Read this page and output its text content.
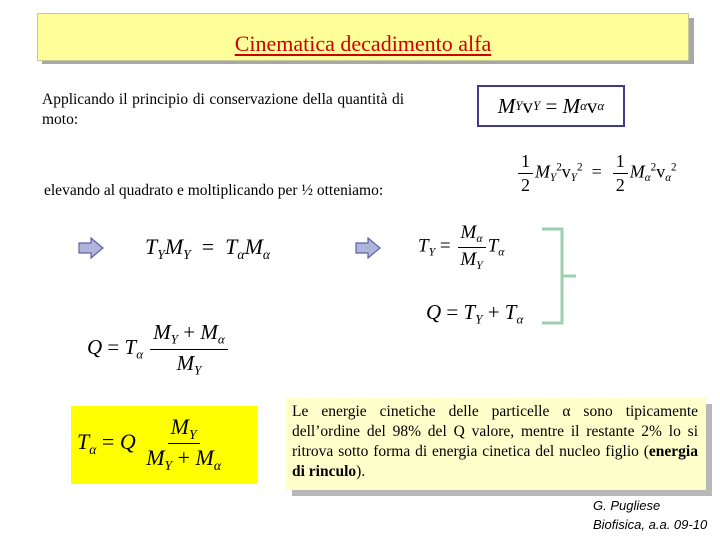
Cinematica decadimento alfa
Applicando il principio di conservazione della quantità di moto:
M Y v Y = M α v α
elevando al quadrato e moltiplicando per ½ otteniamo:	$\frac{1}{2} M_Y^2v_Y^2 = \frac{1}{2} M_\alpha^2v_\alpha^2$
$T_YM_Y = T_\alpha M_\alpha$	$T_Y = \frac{M_\alpha}{M_Y} T_\alpha$
$Q = T_Y + T_\alpha$
$Q = T_\alpha \frac{M_Y + M_\alpha}{M_Y}$
$T_\alpha = Q \frac{M_Y}{M_Y + M_\alpha}$
Le energie cinetiche delle particelle α sono tipicamente dell’ordine del 98% del Q valore, mentre il restante 2% lo si ritrova sotto forma di energia cinetica del nucleo figlio (energia di rinculo).
G. Pugliese
Biofisica, a.a. 09-10
